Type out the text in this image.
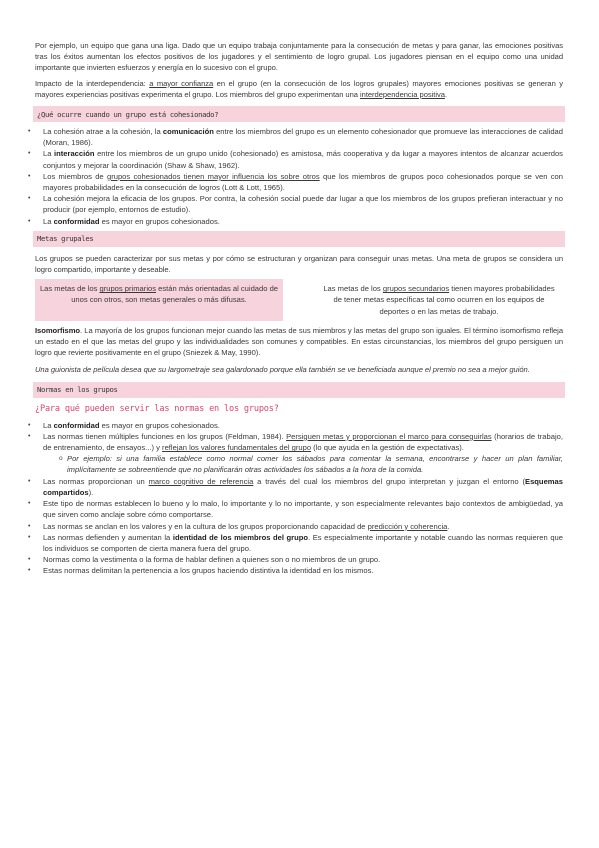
Por ejemplo, un equipo que gana una liga. Dado que un equipo trabaja conjuntamente para la consecución de metas y para ganar, las emociones positivas tras los éxitos aumentan los efectos positivos de los jugadores y el sentimiento de logro grupal. Los jugadores piensan en el equipo como una unidad importante que invierten esfuerzos y energía en lo sucesivo con el grupo.

Impacto de la interdependencia: a mayor confianza en el grupo (en la consecución de los logros grupales) mayores emociones positivas se generan y mayores experiencias positivas experimenta el grupo. Los miembros del grupo experimentan una interdependencia positiva.

¿Qué ocurre cuando un grupo está cohesionado?
• La cohesión atrae a la cohesión, la comunicación entre los miembros del grupo es un elemento cohesionador que promueve las interacciones de calidad (Moran, 1986).
• La interacción entre los miembros de un grupo unido (cohesionado) es amistosa, más cooperativa y da lugar a mayores intentos de alcanzar acuerdos conjuntos y mejorar la coordinación (Shaw & Shaw, 1962).
• Los miembros de grupos cohesionados tienen mayor influencia los sobre otros que los miembros de grupos poco cohesionados porque se ven con mayores probabilidades en la consecución de logros (Lott & Lott, 1965).
• La cohesión mejora la eficacia de los grupos. Por contra, la cohesión social puede dar lugar a que los miembros de los grupos prefieran interactuar y no producir (por ejemplo, entornos de estudio).
• La conformidad es mayor en grupos cohesionados.
Metas grupales

Los grupos se pueden caracterizar por sus metas y por cómo se estructuran y organizan para conseguir unas metas. Una meta de grupos se considera un logro compartido, importante y deseable.

Las metas de los grupos primarios están más orientadas al cuidado de unos con otros, son metas generales o más difusas.
Las metas de los grupos secundarios tienen mayores probabilidades de tener metas específicas tal como ocurren en los equipos de deportes o en las metas de trabajo.

Isomorfismo. La mayoría de los grupos funcionan mejor cuando las metas de sus miembros y las metas del grupo son iguales. El término isomorfismo refleja un estado en el que las metas del grupo y las individualidades son comunes y compatibles. En estas circunstancias, los miembros del grupo persiguen un logro que revierte positivamente en el grupo (Sniezek & May, 1990).

Una guionista de película desea que su largometraje sea galardonado porque ella también se ve beneficiada aunque el premio no sea a mejor guión.

Normas en los grupos
¿Para qué pueden servir las normas en los grupos?
• La conformidad es mayor en grupos cohesionados.
• Las normas tienen múltiples funciones en los grupos (Feldman, 1984). Persiguen metas y proporcionan el marco para conseguirlas (horarios de trabajo, de entrenamiento, de ensayos...) y reflejan los valores fundamentales del grupo (lo que ayuda en la gestión de expectativas).
o Por ejemplo: si una familia establece como normal comer los sábados para comentar la semana, encontrarse y hacer un plan familiar, implícitamente se sobreentiende que no planificarán otras actividades los sábados a la hora de la comida.
• Las normas proporcionan un marco cognitivo de referencia a través del cual los miembros del grupo interpretan y juzgan el entorno (Esquemas compartidos).
• Este tipo de normas establecen lo bueno y lo malo, lo importante y lo no importante, y son especialmente relevantes bajo contextos de ambigüedad, ya que sirven como anclaje sobre cómo comportarse.
• Las normas se anclan en los valores y en la cultura de los grupos proporcionando capacidad de predicción y coherencia.
• Las normas defienden y aumentan la identidad de los miembros del grupo. Es especialmente importante y notable cuando las normas requieren que los individuos se comporten de cierta manera fuera del grupo.
• Normas como la vestimenta o la forma de hablar definen a quienes son o no miembros de un grupo.
• Estas normas delimitan la pertenencia a los grupos haciendo distintiva la identidad en los mismos.
